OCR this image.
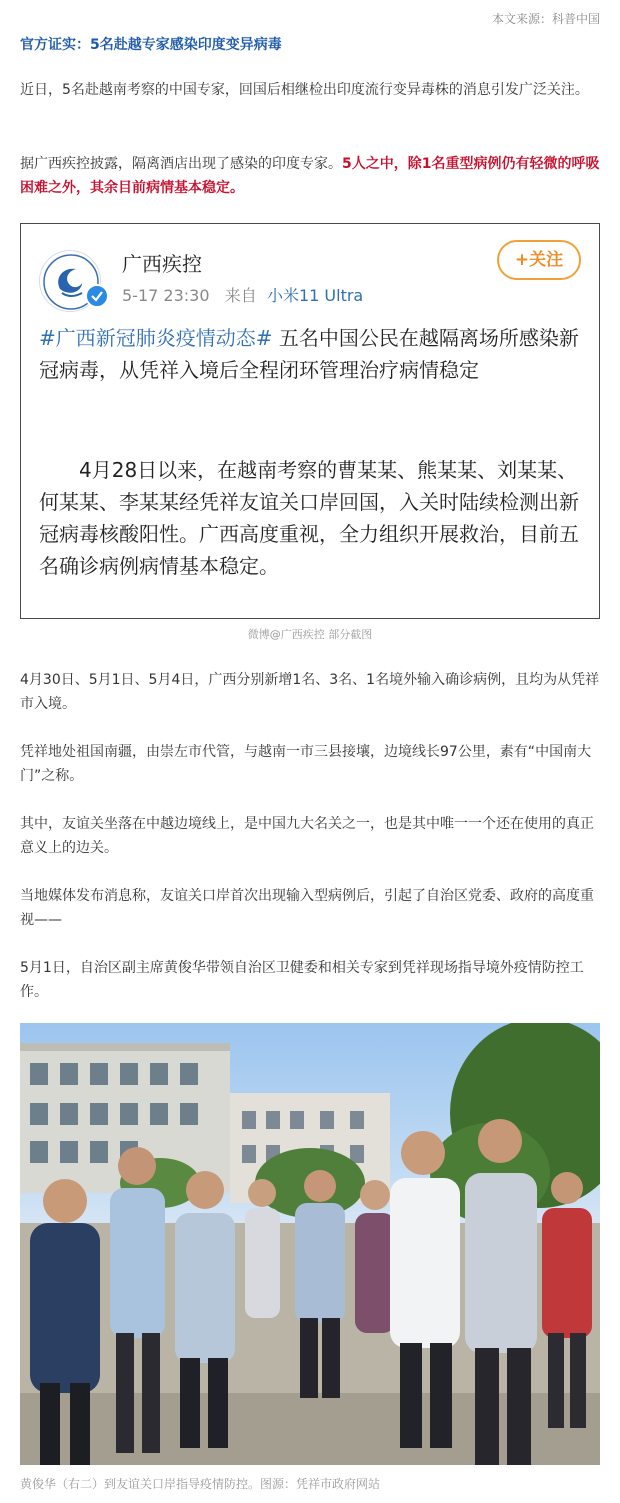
本文来源：科普中国
官方证实：5名赴越专家感染印度变异病毒
近日，5名赴越南考察的中国专家，回国后相继检出印度流行变异毒株的消息引发广泛关注。
据广西疾控披露，隔离酒店出现了感染的印度专家。5人之中，除1名重型病例仍有轻微的呼吸困难之外，其余目前病情基本稳定。
广西疾控
5-17 23:30 来自 小米11 Ultra
+关注
#广西新冠肺炎疫情动态# 五名中国公民在越隔离场所感染新冠病毒，从凭祥入境后全程闭环管理治疗病情稳定
4月28日以来，在越南考察的曹某某、熊某某、刘某某、何某某、李某某经凭祥友谊关口岸回国，入关时陆续检测出新冠病毒核酸阳性。广西高度重视，全力组织开展救治，目前五名确诊病例病情基本稳定。
微博@广西疾控 部分截图
4月30日、5月1日、5月4日，广西分别新增1名、3名、1名境外输入确诊病例，且均为从凭祥市入境。
凭祥地处祖国南疆，由崇左市代管，与越南一市三县接壤，边境线长97公里，素有“中国南大门”之称。
其中，友谊关坐落在中越边境线上，是中国九大名关之一，也是其中唯一一个还在使用的真正意义上的边关。
当地媒体发布消息称，友谊关口岸首次出现输入型病例后，引起了自治区党委、政府的高度重视——
5月1日，自治区副主席黄俊华带领自治区卫健委和相关专家到凭祥现场指导境外疫情防控工作。
黄俊华（右二）到友谊关口岸指导疫情防控。图源：凭祥市政府网站
